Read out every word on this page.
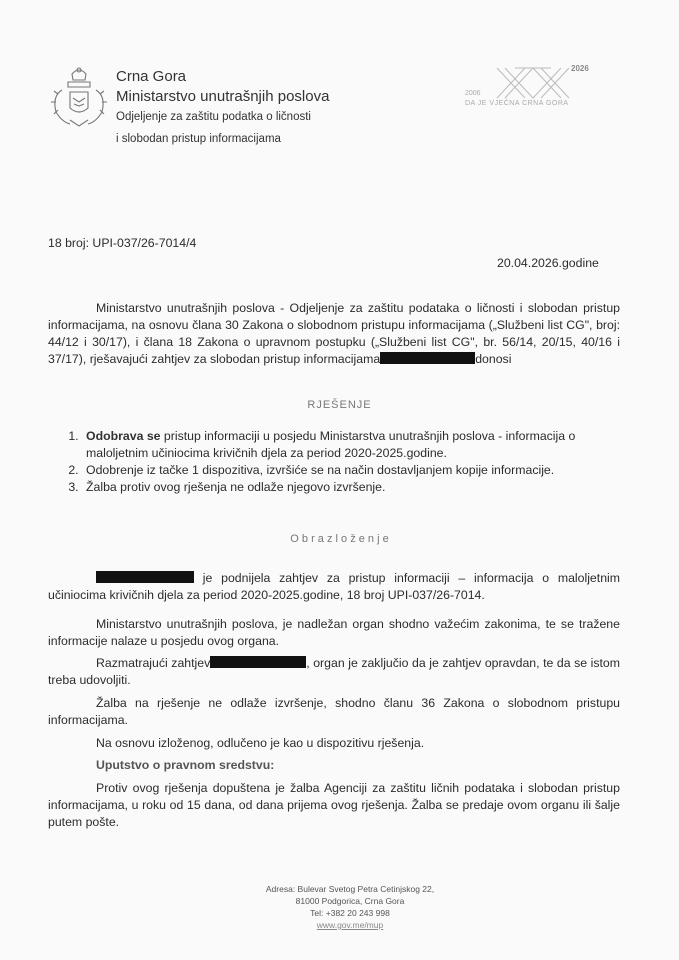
Crna Gora
Ministarstvo unutrašnjih poslova
Odjeljenje za zaštitu podatka o ličnosti
i slobodan pristup informacijama
2026
2006
DA JE VJEČNA CRNA GORA
18 broj: UPI-037/26-7014/4
20.04.2026.godine
Ministarstvo unutrašnjih poslova - Odjeljenje za zaštitu podataka o ličnosti i slobodan pristup informacijama, na osnovu člana 30 Zakona o slobodnom pristupu informacijama („Službeni list CG", broj: 44/12 i 30/17), i člana 18 Zakona o upravnom postupku („Službeni list CG", br. 56/14, 20/15, 40/16 i 37/17), rješavajući zahtjev za slobodan pristup informacijama	donosi
RJEŠENJE
1. Odobrava se pristup informaciji u posjedu Ministarstva unutrašnjih poslova - informacija o maloljetnim učiniocima krivičnih djela za period 2020-2025.godine.
2. Odobrenje iz tačke 1 dispozitiva, izvršiće se na način dostavljanjem kopije informacije.
3. Žalba protiv ovog rješenja ne odlaže njegovo izvršenje.
O b r a z l o ž e n j e
je podnijela zahtjev za pristup informaciji – informacija o maloljetnim učiniocima krivičnih djela za period 2020-2025.godine, 18 broj UPI-037/26-7014.
Ministarstvo unutrašnjih poslova, je nadležan organ shodno važećim zakonima, te se tražene informacije nalaze u posjedu ovog organa.
Razmatrajući zahtjev	, organ je zaključio da je zahtjev opravdan, te da se istom treba udovoljiti.
Žalba na rješenje ne odlaže izvršenje, shodno članu 36 Zakona o slobodnom pristupu informacijama.
Na osnovu izloženog, odlučeno je kao u dispozitivu rješenja.
Uputstvo o pravnom sredstvu:
Protiv ovog rješenja dopuštena je žalba Agenciji za zaštitu ličnih podataka i slobodan pristup informacijama, u roku od 15 dana, od dana prijema ovog rješenja. Žalba se predaje ovom organu ili šalje putem pošte.
Adresa: Bulevar Svetog Petra Cetinjskog 22,
81000 Podgorica, Crna Gora
Tel: +382 20 243 998
www.gov.me/mup
